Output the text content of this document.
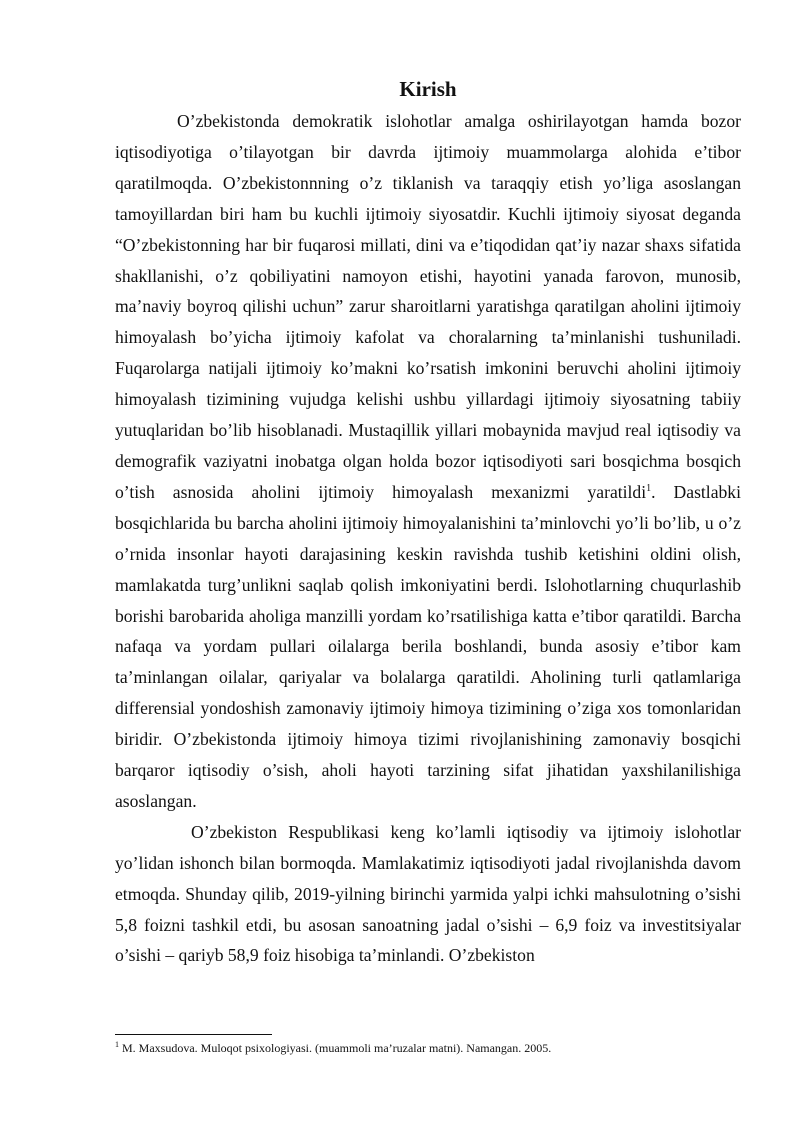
Kirish

O’zbekistonda demokratik islohotlar amalga oshirilayotgan hamda bozor iqtisodiyotiga o’tilayotgan bir davrda ijtimoiy muammolarga alohida e’tibor qaratilmoqda. O’zbekistonnning o’z tiklanish va taraqqiy etish yo’liga asoslangan tamoyillardan biri ham bu kuchli ijtimoiy siyosatdir. Kuchli ijtimoiy siyosat deganda “O’zbekistonning har bir fuqarosi millati, dini va e’tiqodidan qat’iy nazar shaxs sifatida shakllanishi, o’z qobiliyatini namoyon etishi, hayotini yanada farovon, munosib, ma’naviy boyroq qilishi uchun” zarur sharoitlarni yaratishga qaratilgan aholini ijtimoiy himoyalash bo’yicha ijtimoiy kafolat va choralarning ta’minlanishi tushuniladi. Fuqarolarga natijali ijtimoiy ko’makni ko’rsatish imkonini beruvchi aholini ijtimoiy himoyalash tizimining vujudga kelishi ushbu yillardagi ijtimoiy siyosatning tabiiy yutuqlaridan bo’lib hisoblanadi. Mustaqillik yillari mobaynida mavjud real iqtisodiy va demografik vaziyatni inobatga olgan holda bozor iqtisodiyoti sari bosqichma bosqich o’tish asnosida aholini ijtimoiy himoyalash mexanizmi yaratildi$^1$. Dastlabki bosqichlarida bu barcha aholini ijtimoiy himoyalanishini ta’minlovchi yo’li bo’lib, u o’z o’rnida insonlar hayoti darajasining keskin ravishda tushib ketishini oldini olish, mamlakatda turg’unlikni saqlab qolish imkoniyatini berdi. Islohotlarning chuqurlashib borishi barobarida aholiga manzilli yordam ko’rsatilishiga katta e’tibor qaratildi. Barcha nafaqa va yordam pullari oilalarga berila boshlandi, bunda asosiy e’tibor kam ta’minlangan oilalar, qariyalar va bolalarga qaratildi. Aholining turli qatlamlariga differensial yondoshish zamonaviy ijtimoiy himoya tizimining o’ziga xos tomonlaridan biridir. O’zbekistonda ijtimoiy himoya tizimi rivojlanishining zamonaviy bosqichi barqaror iqtisodiy o’sish, aholi hayoti tarzining sifat jihatidan yaxshilanilishiga asoslangan.

O’zbekiston Respublikasi keng ko’lamli iqtisodiy va ijtimoiy islohotlar yo’lidan ishonch bilan bormoqda. Mamlakatimiz iqtisodiyoti jadal rivojlanishda davom etmoqda. Shunday qilib, 2019-yilning birinchi yarmida yalpi ichki mahsulotning o’sishi 5,8 foizni tashkil etdi, bu asosan sanoatning jadal o’sishi – 6,9 foiz va investitsiyalar o’sishi – qariyb 58,9 foiz hisobiga ta’minlandi. O’zbekiston

$^1$ M. Maxsudova. Muloqot psixologiyasi. (muammoli ma’ruzalar matni). Namangan. 2005.
